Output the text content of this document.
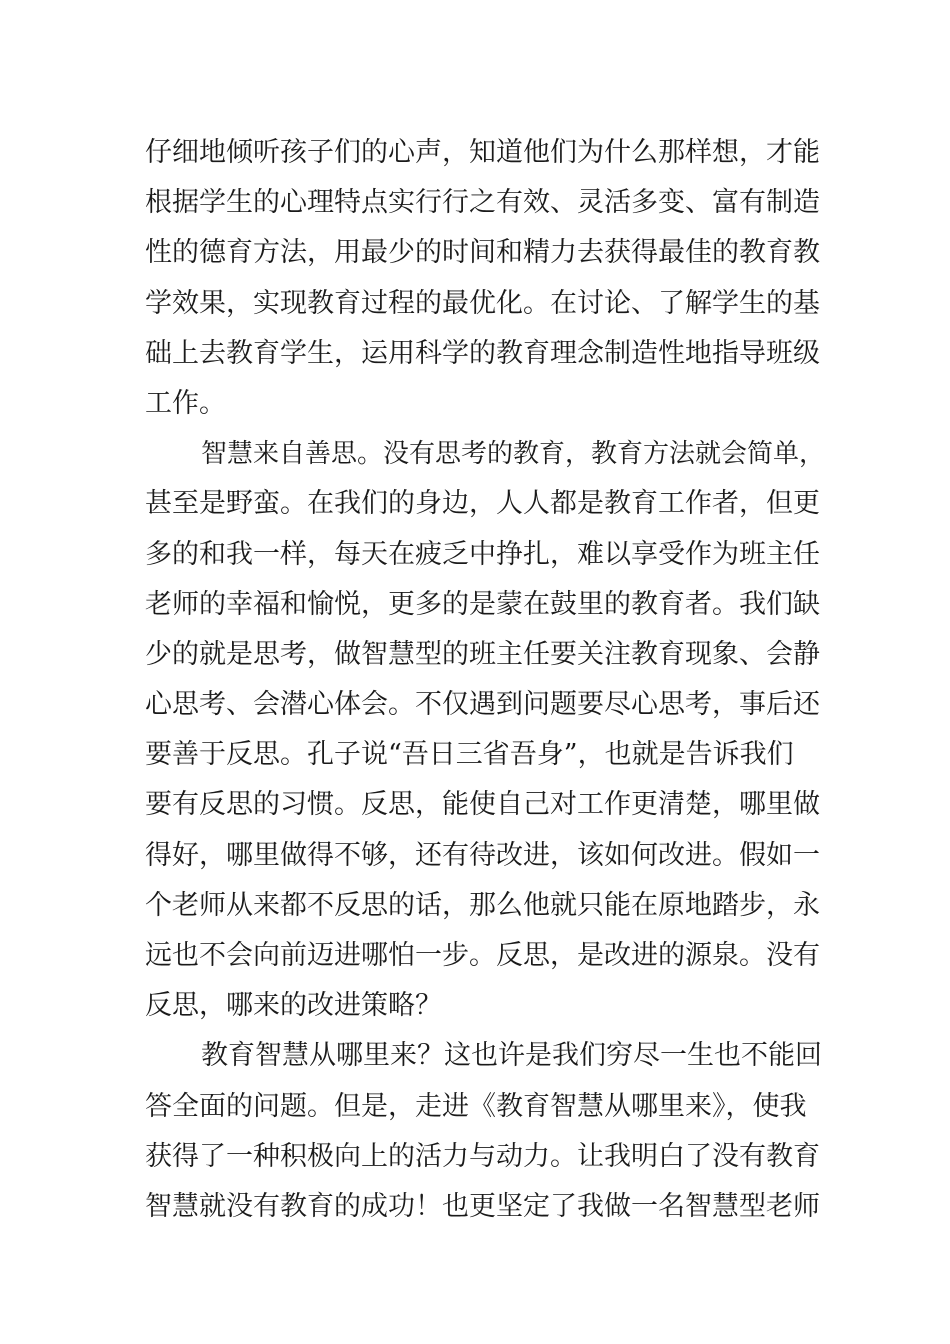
仔细地倾听孩子们的心声，知道他们为什么那样想，才能
根据学生的心理特点实行行之有效、灵活多变、富有制造
性的德育方法，用最少的时间和精力去获得最佳的教育教
学效果，实现教育过程的最优化。在讨论、了解学生的基
础上去教育学生，运用科学的教育理念制造性地指导班级
工作。
智慧来自善思。没有思考的教育，教育方法就会简单，
甚至是野蛮。在我们的身边，人人都是教育工作者，但更
多的和我一样，每天在疲乏中挣扎，难以享受作为班主任
老师的幸福和愉悦，更多的是蒙在鼓里的教育者。我们缺
少的就是思考，做智慧型的班主任要关注教育现象、会静
心思考、会潜心体会。不仅遇到问题要尽心思考，事后还
要善于反思。孔子说“吾日三省吾身”，也就是告诉我们
要有反思的习惯。反思，能使自己对工作更清楚，哪里做
得好，哪里做得不够，还有待改进，该如何改进。假如一
个老师从来都不反思的话，那么他就只能在原地踏步，永
远也不会向前迈进哪怕一步。反思，是改进的源泉。没有
反思，哪来的改进策略？
教育智慧从哪里来？这也许是我们穷尽一生也不能回
答全面的问题。但是，走进《教育智慧从哪里来》，使我
获得了一种积极向上的活力与动力。让我明白了没有教育
智慧就没有教育的成功！也更坚定了我做一名智慧型老师
